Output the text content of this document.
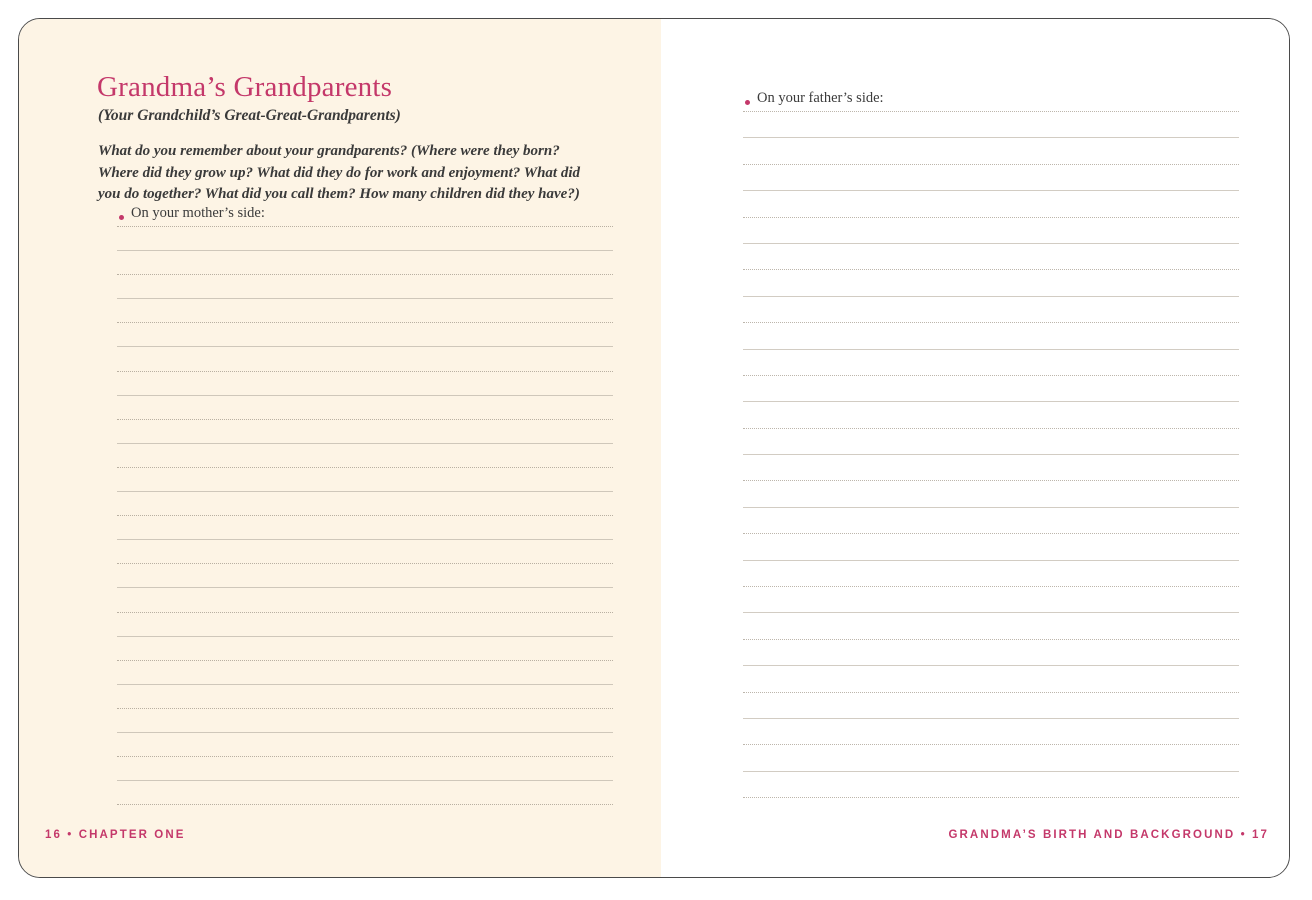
Grandma’s Grandparents
(Your Grandchild’s Great-Great-Grandparents)
What do you remember about your grandparents? (Where were they born? Where did they grow up? What did they do for work and enjoyment? What did you do together? What did you call them? How many children did they have?)
On your mother’s side:
16 • CHAPTER ONE
On your father’s side:
GRANDMA’S BIRTH AND BACKGROUND • 17
